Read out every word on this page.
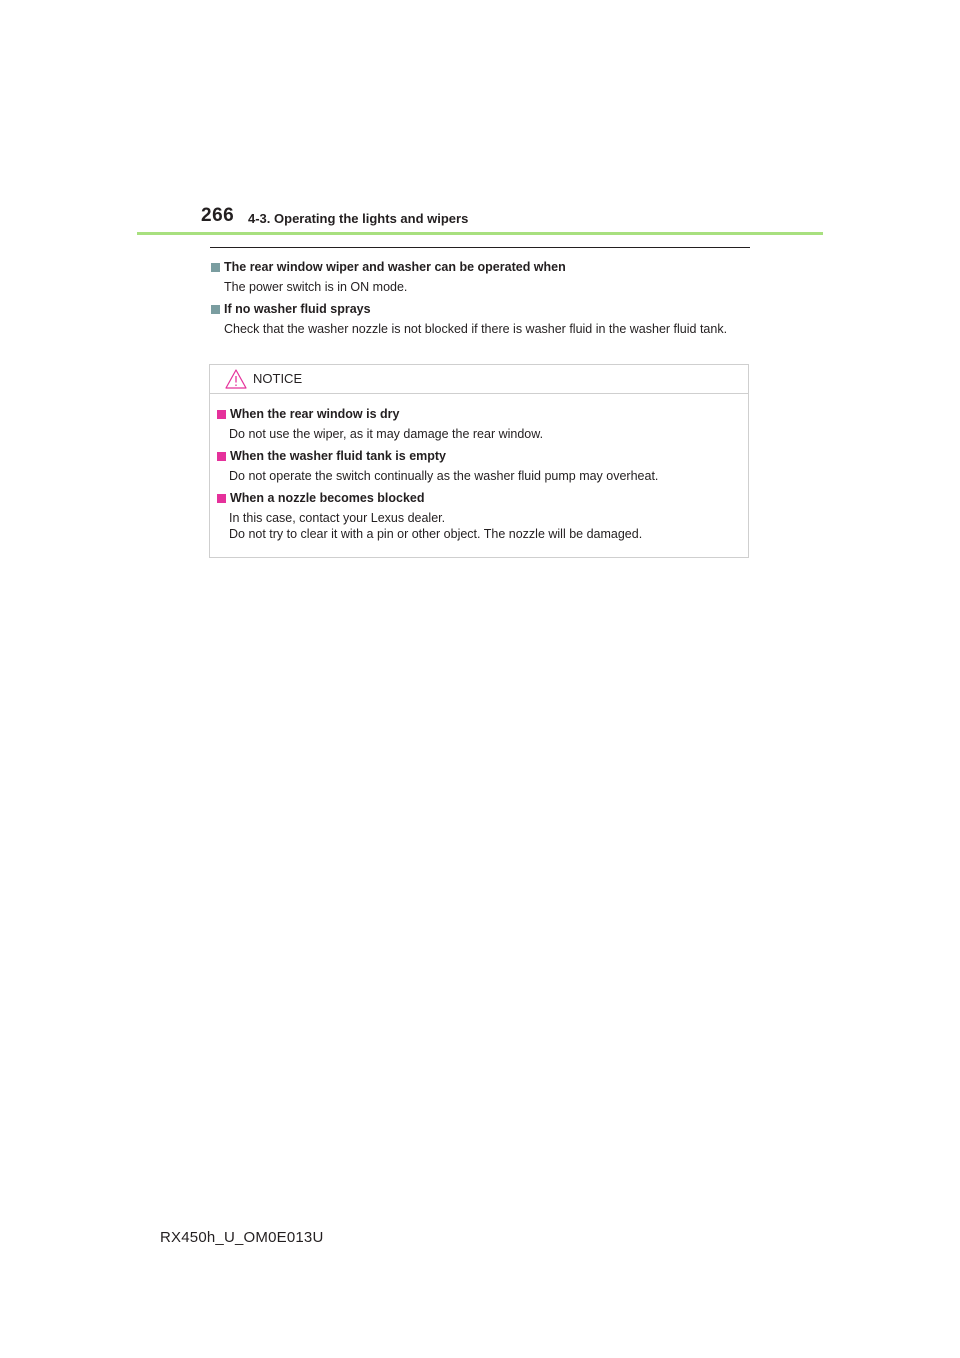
266 4-3. Operating the lights and wipers
The rear window wiper and washer can be operated when
The power switch is in ON mode.
If no washer fluid sprays
Check that the washer nozzle is not blocked if there is washer fluid in the washer fluid tank.
NOTICE
When the rear window is dry
Do not use the wiper, as it may damage the rear window.
When the washer fluid tank is empty
Do not operate the switch continually as the washer fluid pump may overheat.
When a nozzle becomes blocked
In this case, contact your Lexus dealer.
Do not try to clear it with a pin or other object. The nozzle will be damaged.
RX450h_U_OM0E013U
